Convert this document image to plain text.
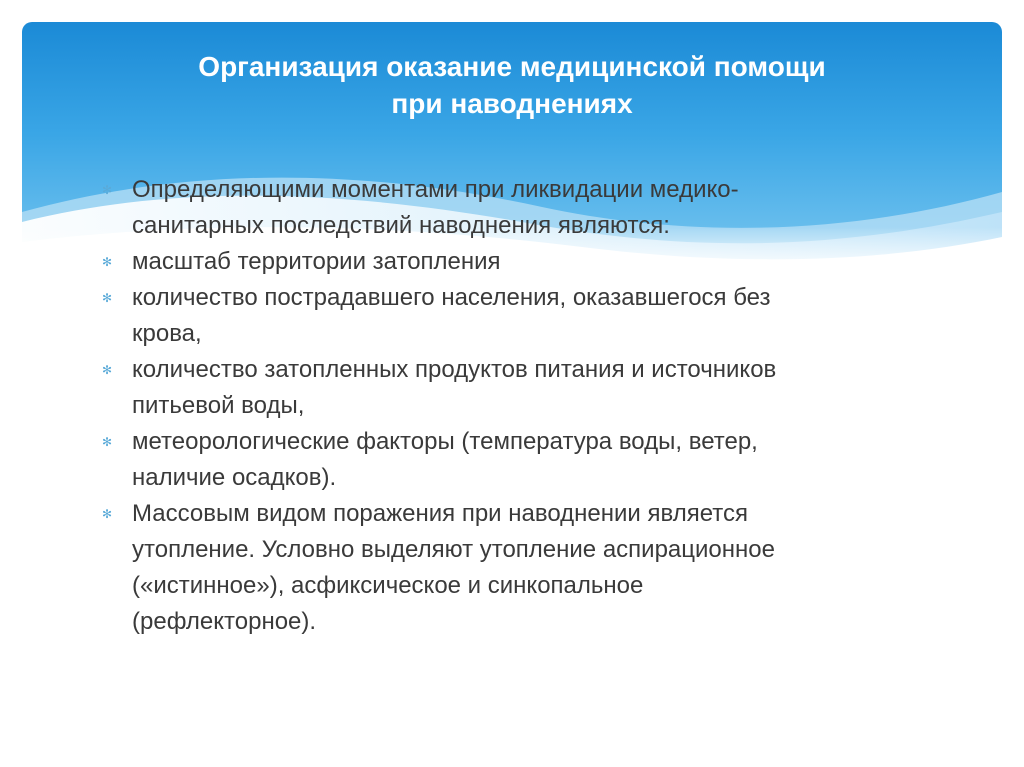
Организация оказание медицинской помощи
при наводнениях
✻ Определяющими моментами при ликвидации медико-
санитарных последствий наводнения являются:
✻ масштаб территории затопления
✻ количество пострадавшего населения, оказавшегося без
крова,
✻ количество затопленных продуктов питания и источников
питьевой воды,
✻ метеорологические факторы (температура воды, ветер,
наличие осадков).
✻ Массовым видом поражения при наводнении является
утопление. Условно выделяют утопление аспирационное
(«истинное»), асфиксическое и синкопальное
(рефлекторное).
